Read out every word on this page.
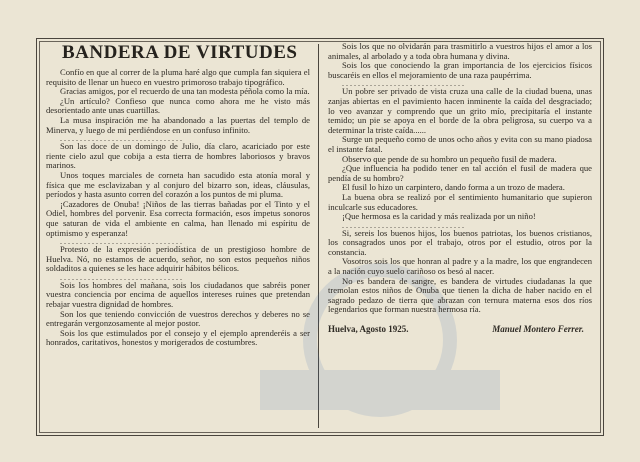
BANDERA DE VIRTUDES

Confío en que al correr de la pluma haré algo que cumpla fan siquiera el requisito de llenar un hueco en vuestro primoroso trabajo tipográfico.

Gracias amigos, por el recuerdo de una tan modesta péñola como la mía.

¿Un artículo? Confieso que nunca como ahora me he visto más desorientado ante unas cuartillas.

La musa inspiración me ha abandonado a las puertas del templo de Minerva, y luego de mi perdiéndose en un confuso infinito.

...............................

Son las doce de un domingo de Julio, día claro, acariciado por este riente cielo azul que cobija a esta tierra de hombres laboriosos y bravos marinos.

Unos toques marciales de corneta han sacudido esta atonía moral y física que me esclavizaban y al conjuro del bizarro son, ideas, cláusulas, períodos y hasta asunto corren del corazón a los puntos de mi pluma.

¡Cazadores de Onuba! ¡Niños de las tierras bañadas por el Tinto y el Odiel, hombres del porvenir. Esa correcta formación, esos ímpetus sonoros que saturan de vida el ambiente en calma, han llenado mi espíritu de optimismo y esperanza!

...............................

Protesto de la expresión periodística de un prestigioso hombre de Huelva. Nó, no estamos de acuerdo, señor, no son estos pequeños niños soldaditos a quienes se les hace adquirir hábitos bélicos.

...............................

Sois los hombres del mañana, sois los ciudadanos que sabréis poner vuestra conciencia por encima de aquellos intereses ruines que pretendan rebajar vuestra dignidad de hombres.

Son los que teniendo convicción de vuestros derechos y deberes no se entregarán vergonzosamente al mejor postor.

Sois los que estimulados por el consejo y el ejemplo aprenderéis a ser honrados, caritativos, honestos y morigerados de costumbres.

Sois los que no olvidarán para trasmitirlo a vuestros hijos el amor a los animales, al arbolado y a toda obra humana y divina.

Sois los que conociendo la gran importancia de los ejercicios físicos buscaréis en ellos el mejoramiento de una raza paupérrima.

...............................

Un pobre ser privado de vista cruza una calle de la ciudad buena, unas zanjas abiertas en el pavimiento hacen inminente la caída del desgraciado; lo veo avanzar y comprendo que un grito mío, precipitaría el instante temido; un pie se apoya en el borde de la obra peligrosa, su cuerpo va a determinar la triste caída......

Surge un pequeño como de unos ocho años y evita con su mano piadosa el instante fatal.

Observo que pende de su hombro un pequeño fusil de madera.

¿Que influencia ha podido tener en tal acción el fusil de madera que pendía de su hombro?

El fusil lo hizo un carpintero, dando forma a un trozo de madera.

La buena obra se realizó por el sentimiento humanitario que supieron inculcarle sus educadores.

¡Que hermosa es la caridad y más realizada por un niño!

...............................

Si, sereis los buenos hijos, los buenos patriotas, los buenos cristianos, los consagrados unos por el trabajo, otros por el estudio, otros por la constancia.

Vosotros sois los que honran al padre y a la madre, los que engrandecen a la nación cuyo suelo cariñoso os besó al nacer.

No es bandera de sangre, es bandera de virtudes ciudadanas la que tremolan estos niños de Onuba que tienen la dicha de haber nacido en el sagrado pedazo de tierra que abrazan con ternura materna esos dos ríos legendarios que forman nuestra hermosa ría.

Huelva, Agosto 1925.	Manuel Montero Ferrer.
